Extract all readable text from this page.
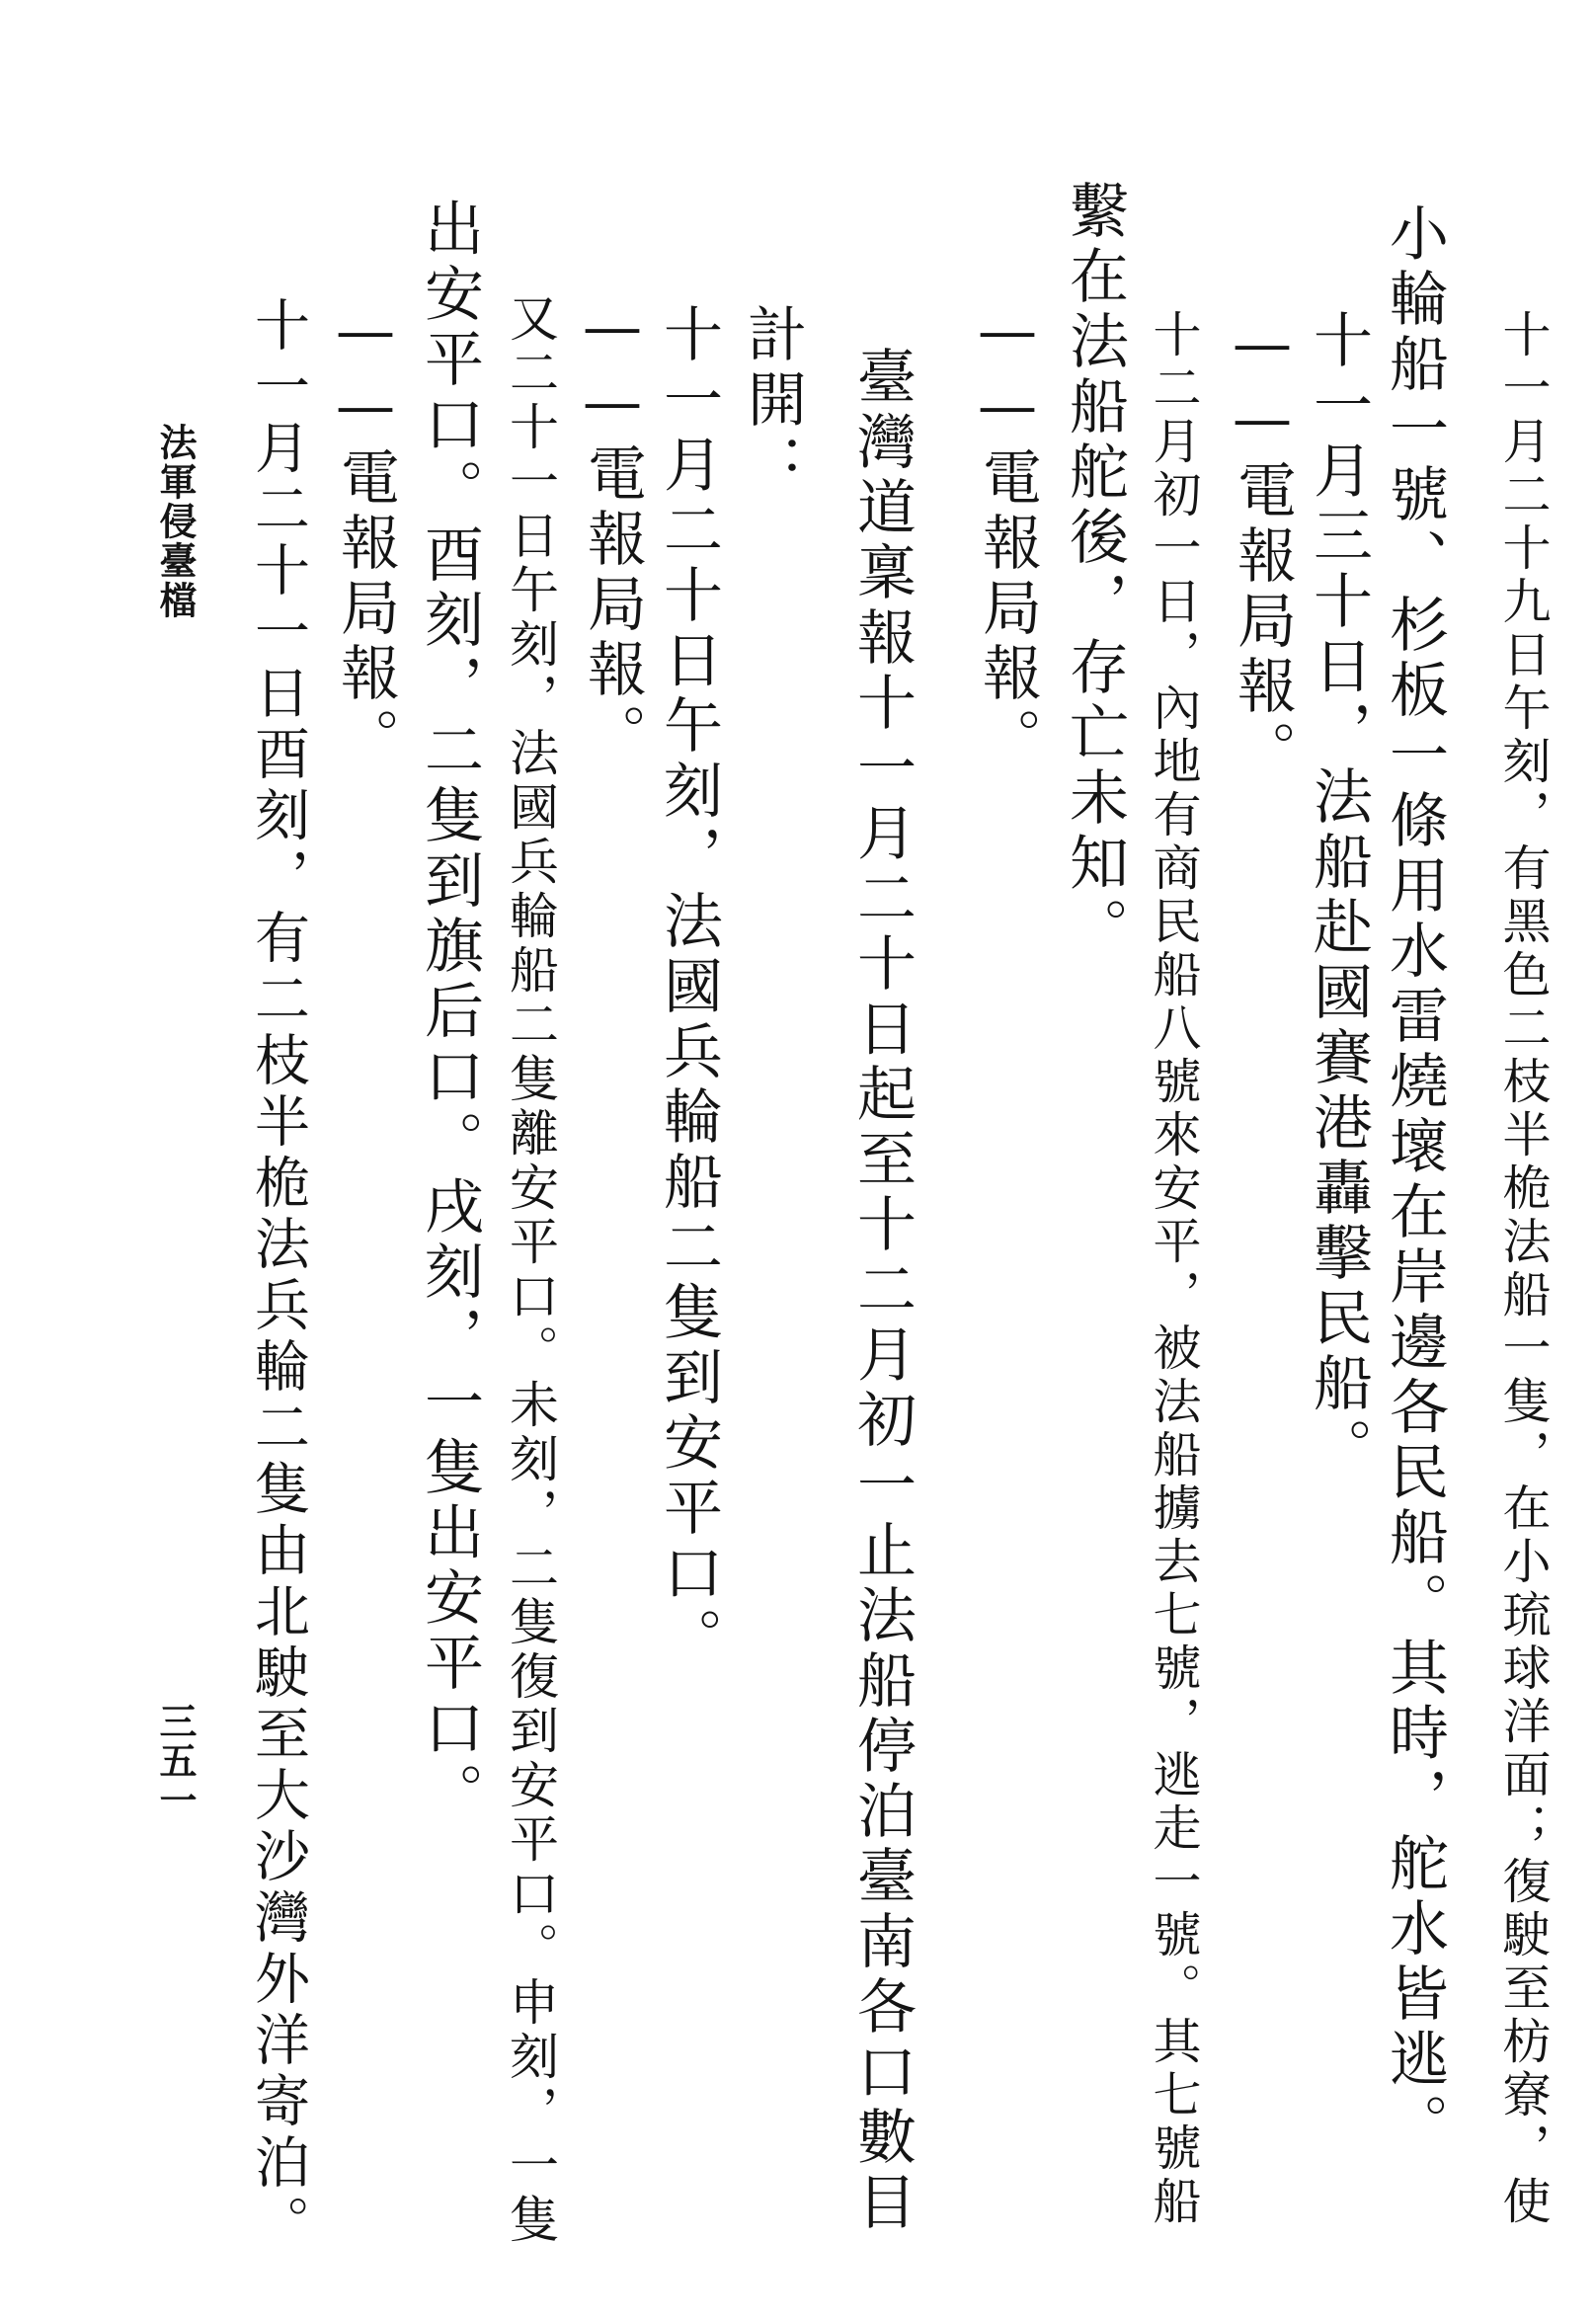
十一月二十九日午刻，有黑色二枝半桅法船一隻，在小琉球洋面；復駛至枋寮，使
小輪船一號、杉板一條用水雷燒壞在岸邊各民船。其時，舵水皆逃。
十一月三十日，法船赴國賽港轟擊民船。
——電報局報。
十二月初一日，內地有商民船八號來安平，被法船擄去七號，逃走一號。其七號船
繫在法船舵後，存亡未知。
——電報局報。
臺灣道稟報十一月二十日起至十二月初一止法船停泊臺南各口數目
計開：
十一月二十日午刻，法國兵輪船二隻到安平口。
——電報局報。
又二十一日午刻，法國兵輪船二隻離安平口。未刻，二隻復到安平口。申刻，一隻
出安平口。酉刻，二隻到旗后口。戌刻，一隻出安平口。
——電報局報。
十一月二十一日酉刻，有二枝半桅法兵輪二隻由北駛至大沙灣外洋寄泊。
法軍侵臺檔
三五一
